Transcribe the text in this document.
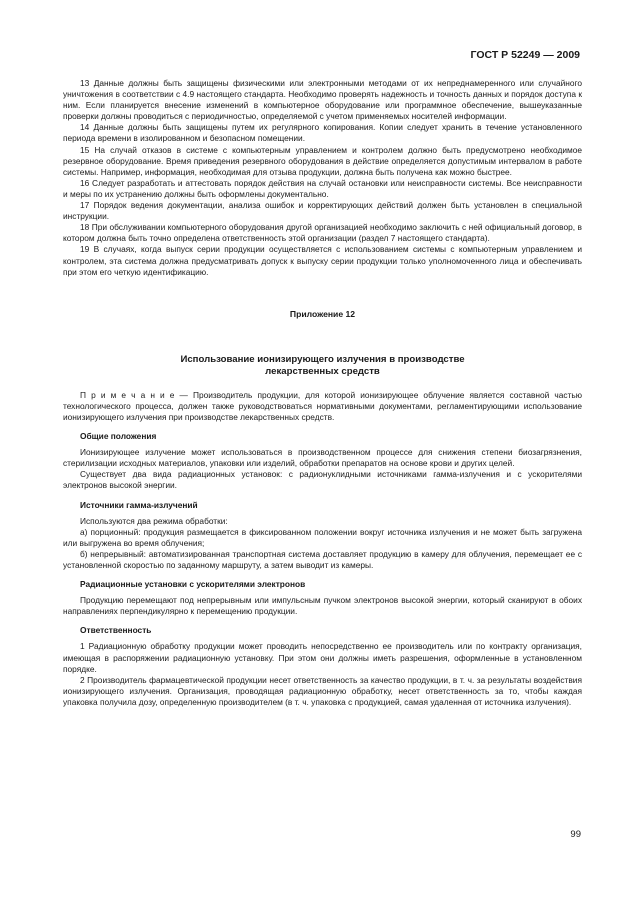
ГОСТ Р 52249 — 2009

13 Данные должны быть защищены физическими или электронными методами от их непреднамеренного или случайного уничтожения в соответствии с 4.9 настоящего стандарта. Необходимо проверять надежность и точность данных и порядок доступа к ним. Если планируется внесение изменений в компьютерное оборудование или программное обеспечение, вышеуказанные проверки должны проводиться с периодичностью, определяемой с учетом применяемых носителей информации.

14 Данные должны быть защищены путем их регулярного копирования. Копии следует хранить в течение установленного периода времени в изолированном и безопасном помещении.

15 На случай отказов в системе с компьютерным управлением и контролем должно быть предусмотрено необходимое резервное оборудование. Время приведения резервного оборудования в действие определяется допустимым интервалом в работе системы. Например, информация, необходимая для отзыва продукции, должна быть получена как можно быстрее.

16 Следует разработать и аттестовать порядок действия на случай остановки или неисправности системы. Все неисправности и меры по их устранению должны быть оформлены документально.

17 Порядок ведения документации, анализа ошибок и корректирующих действий должен быть установлен в специальной инструкции.

18 При обслуживании компьютерного оборудования другой организацией необходимо заключить с ней официальный договор, в котором должна быть точно определена ответственность этой организации (раздел 7 настоящего стандарта).

19 В случаях, когда выпуск серии продукции осуществляется с использованием системы с компьютерным управлением и контролем, эта система должна предусматривать допуск к выпуску серии продукции только уполномоченного лица и обеспечивать при этом его четкую идентификацию.

Приложение 12
Использование ионизирующего излучения в производстве
лекарственных средств

П р и м е ч а н и е — Производитель продукции, для которой ионизирующее облучение является составной частью технологического процесса, должен также руководствоваться нормативными документами, регламентирующими использование ионизирующего излучения при производстве лекарственных средств.

Общие положения

Ионизирующее излучение может использоваться в производственном процессе для снижения степени биозагрязнения, стерилизации исходных материалов, упаковки или изделий, обработки препаратов на основе крови и других целей.

Существует два вида радиационных установок: с радионуклидными источниками гамма-излучения и с ускорителями электронов высокой энергии.

Источники гамма-излучений

Используются два режима обработки:

а) порционный: продукция размещается в фиксированном положении вокруг источника излучения и не может быть загружена или выгружена во время облучения;

б) непрерывный: автоматизированная транспортная система доставляет продукцию в камеру для облучения, перемещает ее с установленной скоростью по заданному маршруту, а затем выводит из камеры.

Радиационные установки с ускорителями электронов

Продукцию перемещают под непрерывным или импульсным пучком электронов высокой энергии, который сканируют в обоих направлениях перпендикулярно к перемещению продукции.

Ответственность

1 Радиационную обработку продукции может проводить непосредственно ее производитель или по контракту организация, имеющая в распоряжении радиационную установку. При этом они должны иметь разрешения, оформленные в установленном порядке.

2 Производитель фармацевтической продукции несет ответственность за качество продукции, в т. ч. за результаты воздействия ионизирующего излучения. Организация, проводящая радиационную обработку, несет ответственность за то, чтобы каждая упаковка получила дозу, определенную производителем (в т. ч. упаковка с продукцией, самая удаленная от источника излучения).

99
